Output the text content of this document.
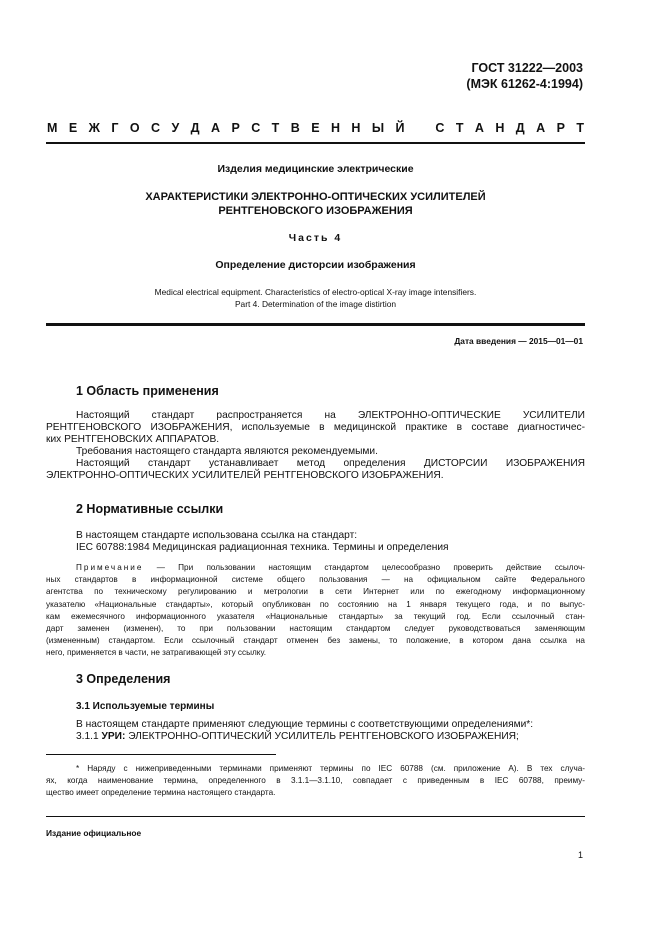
ГОСТ 31222—2003
(МЭК 61262-4:1994)
М Е Ж Г О С У Д А Р С Т В Е Н Н Ы Й С Т А Н Д А Р Т
Изделия медицинские электрические
ХАРАКТЕРИСТИКИ ЭЛЕКТРОННО-ОПТИЧЕСКИХ УСИЛИТЕЛЕЙ
РЕНТГЕНОВСКОГО ИЗОБРАЖЕНИЯ
Часть 4
Определение дисторсии изображения
Medical electrical equipment. Characteristics of electro-optical X-ray image intensifiers.
Part 4. Determination of the image distirtion
Дата введения — 2015—01—01
1 Область применения
Настоящий стандарт распространяется на ЭЛЕКТРОННО-ОПТИЧЕСКИЕ УСИЛИТЕЛИ
РЕНТГЕНОВСКОГО ИЗОБРАЖЕНИЯ, используемые в медицинской практике в составе диагностичес-
ких РЕНТГЕНОВСКИХ АППАРАТОВ.
Требования настоящего стандарта являются рекомендуемыми.
Настоящий стандарт устанавливает метод определения ДИСТОРСИИ ИЗОБРАЖЕНИЯ
ЭЛЕКТРОННО-ОПТИЧЕСКИХ УСИЛИТЕЛЕЙ РЕНТГЕНОВСКОГО ИЗОБРАЖЕНИЯ.
2 Нормативные ссылки
В настоящем стандарте использована ссылка на стандарт:
IEC 60788:1984 Медицинская радиационная техника. Термины и определения
Примечание — При пользовании настоящим стандартом целесообразно проверить действие ссылоч-
ных стандартов в информационной системе общего пользования — на официальном сайте Федерального
агентства по техническому регулированию и метрологии в сети Интернет или по ежегодному информационному
указателю «Национальные стандарты», который опубликован по состоянию на 1 января текущего года, и по выпус-
кам ежемесячного информационного указателя «Национальные стандарты» за текущий год. Если ссылочный стан-
дарт заменен (изменен), то при пользовании настоящим стандартом следует руководствоваться заменяющим
(измененным) стандартом. Если ссылочный стандарт отменен без замены, то положение, в котором дана ссылка на
него, применяется в части, не затрагивающей эту ссылку.
3 Определения
3.1 Используемые термины
В настоящем стандарте применяют следующие термины с соответствующими определениями*:
3.1.1 УРИ: ЭЛЕКТРОННО-ОПТИЧЕСКИЙ УСИЛИТЕЛЬ РЕНТГЕНОВСКОГО ИЗОБРАЖЕНИЯ;
* Наряду с нижеприведенными терминами применяют термины по IEC 60788 (см. приложение А). В тех случа-
ях, когда наименование термина, определенного в 3.1.1—3.1.10, совпадает с приведенным в IEC 60788, преиму-
щество имеет определение термина настоящего стандарта.
Издание официальное
1
